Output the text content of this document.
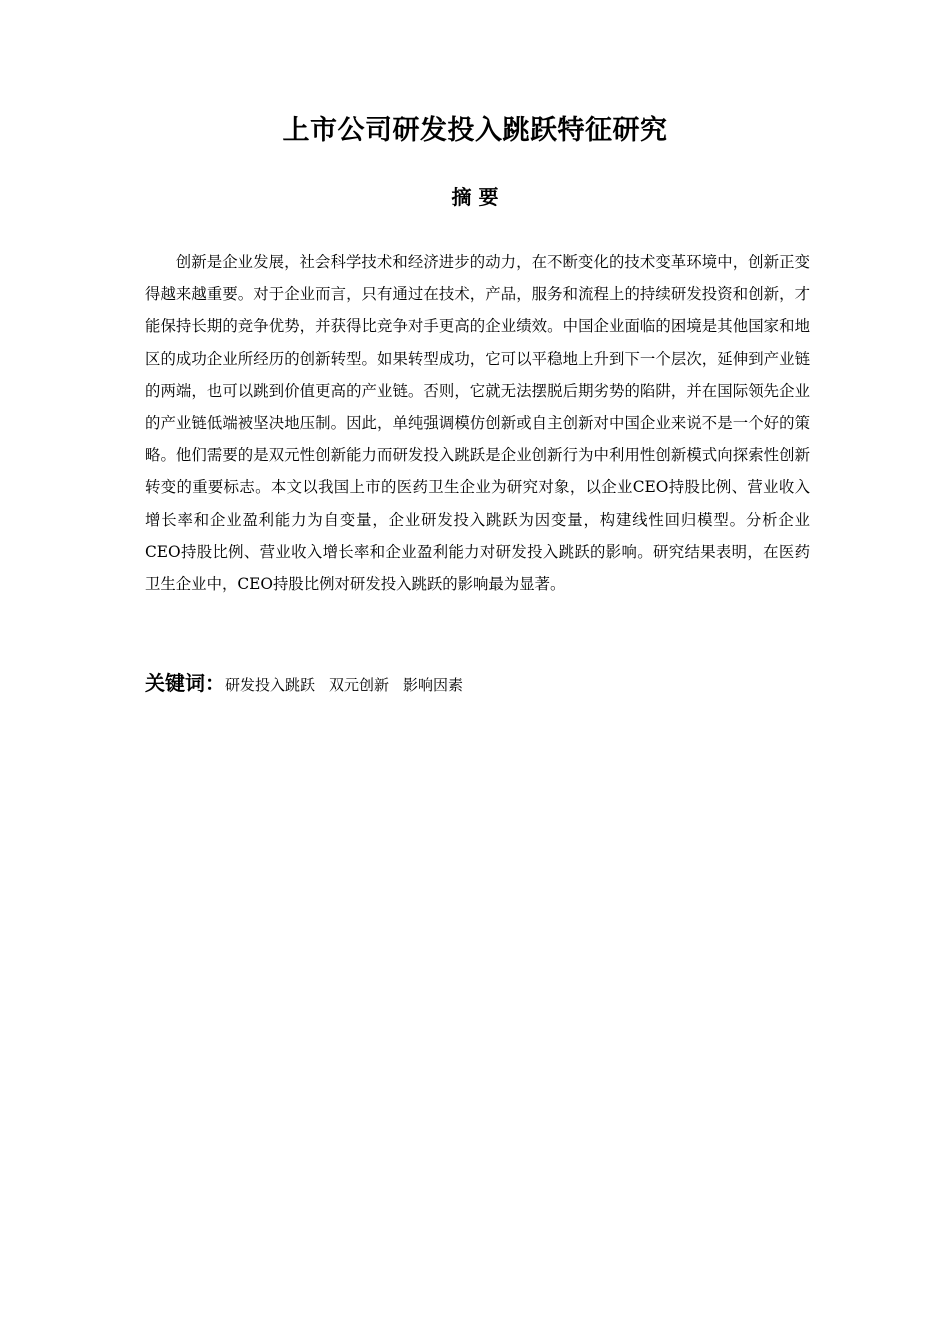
上市公司研发投入跳跃特征研究
摘 要

创新是企业发展，社会科学技术和经济进步的动力，在不断变化的技术变革环境中，创新正变得越来越重要。对于企业而言，只有通过在技术，产品，服务和流程上的持续研发投资和创新，才能保持长期的竞争优势，并获得比竞争对手更高的企业绩效。中国企业面临的困境是其他国家和地区的成功企业所经历的创新转型。如果转型成功，它可以平稳地上升到下一个层次，延伸到产业链的两端，也可以跳到价值更高的产业链。否则，它就无法摆脱后期劣势的陷阱，并在国际领先企业的产业链低端被坚决地压制。因此，单纯强调模仿创新或自主创新对中国企业来说不是一个好的策略。他们需要的是双元性创新能力而研发投入跳跃是企业创新行为中利用性创新模式向探索性创新转变的重要标志。本文以我国上市的医药卫生企业为研究对象，以企业CEO持股比例、营业收入增长率和企业盈利能力为自变量，企业研发投入跳跃为因变量，构建线性回归模型。分析企业CEO持股比例、营业收入增长率和企业盈利能力对研发投入跳跃的影响。研究结果表明，在医药卫生企业中，CEO持股比例对研发投入跳跃的影响最为显著。

关键词：研发投入跳跃 双元创新 影响因素
